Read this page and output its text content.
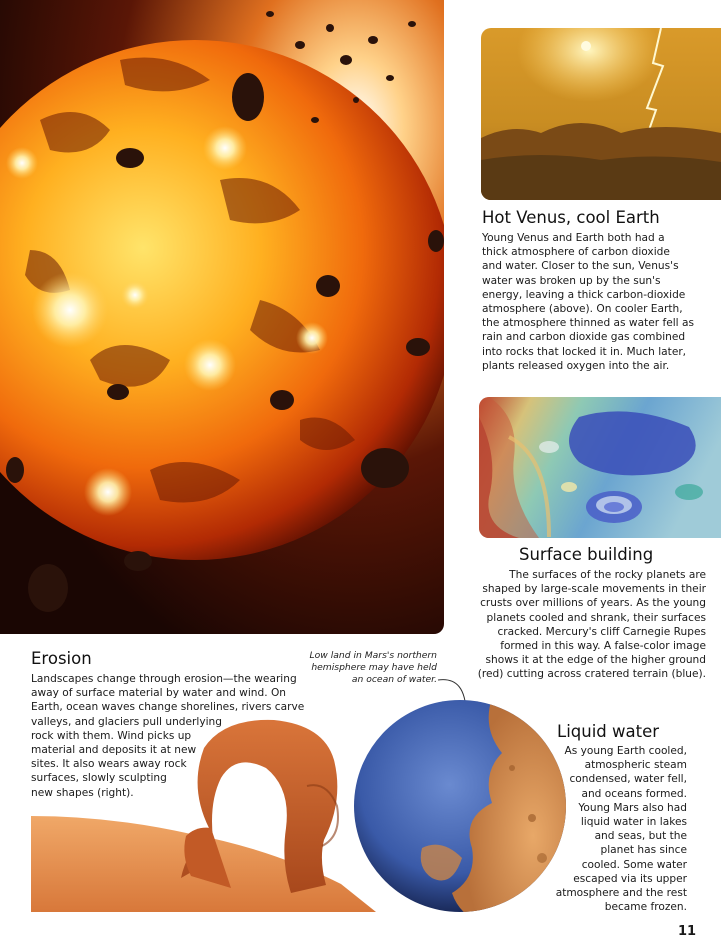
Hot Venus, cool Earth
Young Venus and Earth both had a
thick atmosphere of carbon dioxide
and water. Closer to the sun, Venus's
water was broken up by the sun's
energy, leaving a thick carbon-dioxide
atmosphere (above). On cooler Earth,
the atmosphere thinned as water fell as
rain and carbon dioxide gas combined
into rocks that locked it in. Much later,
plants released oxygen into the air.
Surface building
The surfaces of the rocky planets are
shaped by large-scale movements in their
crusts over millions of years. As the young
planets cooled and shrank, their surfaces
cracked. Mercury's cliff Carnegie Rupes
formed in this way. A false-color image
shows it at the edge of the higher ground
(red) cutting across cratered terrain (blue).
Erosion
Landscapes change through erosion—the wearing
away of surface material by water and wind. On
Earth, ocean waves change shorelines, rivers carve
valleys, and glaciers pull underlying
rock with them. Wind picks up
material and deposits it at new
sites. It also wears away rock
surfaces, slowly sculpting
new shapes (right).
Low land in Mars's northern
hemisphere may have held
an ocean of water.
Liquid water
As young Earth cooled,
atmospheric steam
condensed, water fell,
and oceans formed.
Young Mars also had
liquid water in lakes
and seas, but the
planet has since
cooled. Some water
escaped via its upper
atmosphere and the rest
became frozen.
11
